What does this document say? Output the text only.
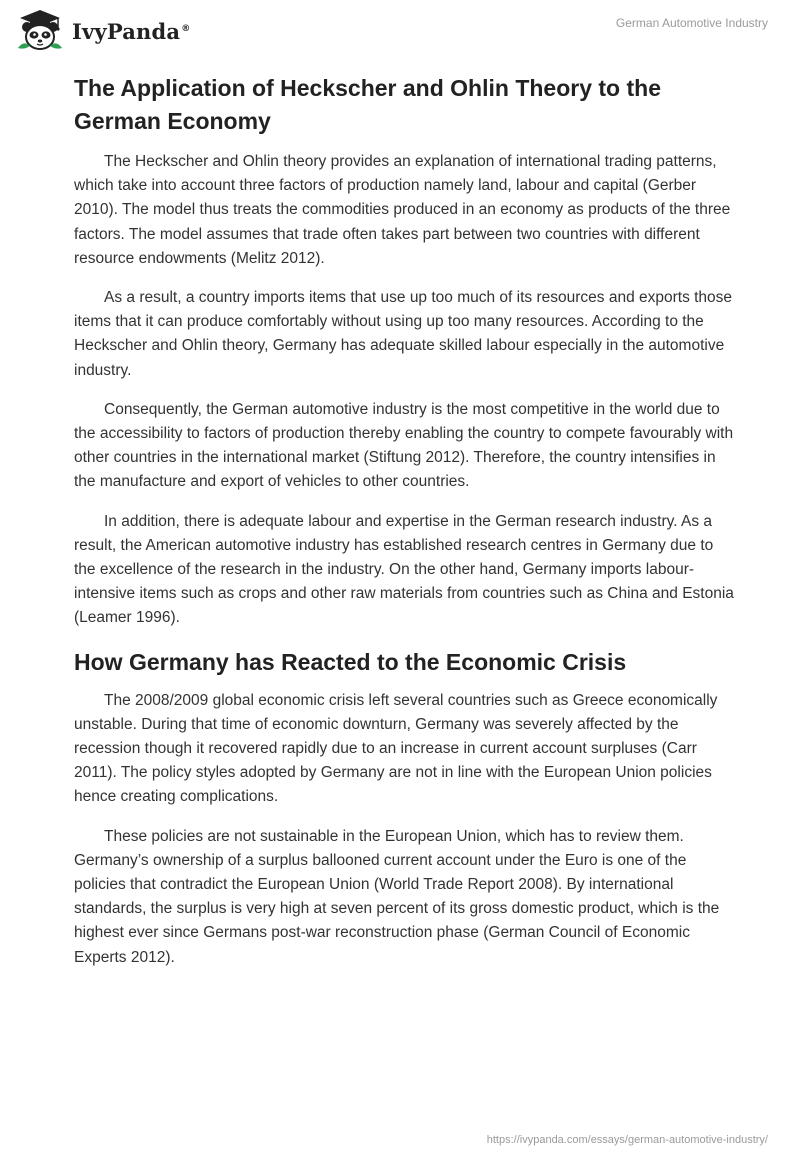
IvyPanda®	German Automotive Industry
The Application of Heckscher and Ohlin Theory to the German Economy

The Heckscher and Ohlin theory provides an explanation of international trading patterns, which take into account three factors of production namely land, labour and capital (Gerber 2010). The model thus treats the commodities produced in an economy as products of the three factors. The model assumes that trade often takes part between two countries with different resource endowments (Melitz 2012).

As a result, a country imports items that use up too much of its resources and exports those items that it can produce comfortably without using up too many resources. According to the Heckscher and Ohlin theory, Germany has adequate skilled labour especially in the automotive industry.

Consequently, the German automotive industry is the most competitive in the world due to the accessibility to factors of production thereby enabling the country to compete favourably with other countries in the international market (Stiftung 2012). Therefore, the country intensifies in the manufacture and export of vehicles to other countries.

In addition, there is adequate labour and expertise in the German research industry. As a result, the American automotive industry has established research centres in Germany due to the excellence of the research in the industry. On the other hand, Germany imports labour-intensive items such as crops and other raw materials from countries such as China and Estonia (Leamer 1996).

How Germany has Reacted to the Economic Crisis

The 2008/2009 global economic crisis left several countries such as Greece economically unstable. During that time of economic downturn, Germany was severely affected by the recession though it recovered rapidly due to an increase in current account surpluses (Carr 2011). The policy styles adopted by Germany are not in line with the European Union policies hence creating complications.

These policies are not sustainable in the European Union, which has to review them. Germany’s ownership of a surplus ballooned current account under the Euro is one of the policies that contradict the European Union (World Trade Report 2008). By international standards, the surplus is very high at seven percent of its gross domestic product, which is the highest ever since Germans post-war reconstruction phase (German Council of Economic Experts 2012).

https://ivypanda.com/essays/german-automotive-industry/
